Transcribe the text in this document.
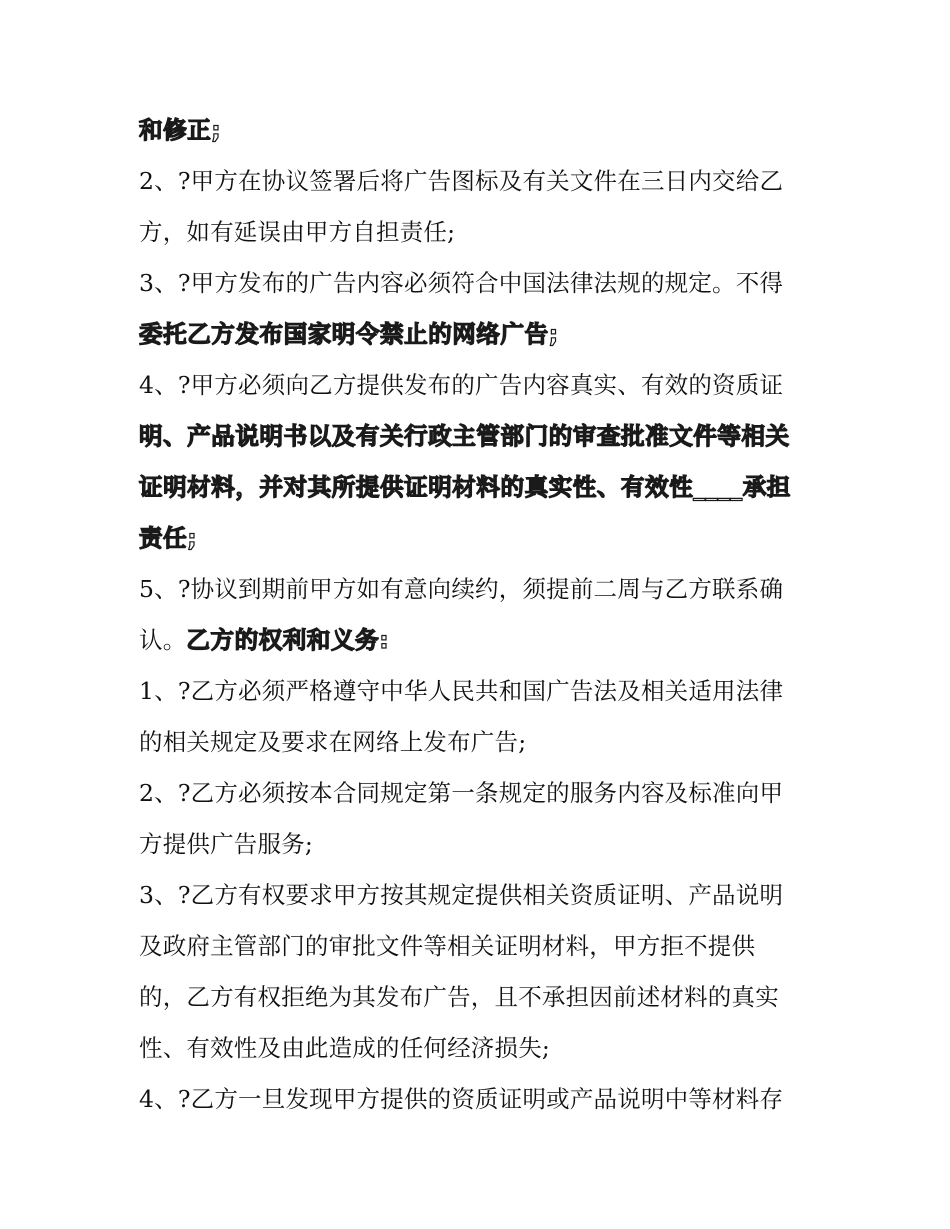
和修正;
2、?甲方在协议签署后将广告图标及有关文件在三日内交给乙
方，如有延误由甲方自担责任;
3、?甲方发布的广告内容必须符合中国法律法规的规定。不得
委托乙方发布国家明令禁止的网络广告;
4、?甲方必须向乙方提供发布的广告内容真实、有效的资质证
明、产品说明书以及有关行政主管部门的审查批准文件等相关
证明材料，并对其所提供证明材料的真实性、有效性____承担
责任;
5、?协议到期前甲方如有意向续约，须提前二周与乙方联系确
认。乙方的权利和义务:
1、?乙方必须严格遵守中华人民共和国广告法及相关适用法律
的相关规定及要求在网络上发布广告;
2、?乙方必须按本合同规定第一条规定的服务内容及标准向甲
方提供广告服务;
3、?乙方有权要求甲方按其规定提供相关资质证明、产品说明
及政府主管部门的审批文件等相关证明材料，甲方拒不提供
的，乙方有权拒绝为其发布广告，且不承担因前述材料的真实
性、有效性及由此造成的任何经济损失;
4、?乙方一旦发现甲方提供的资质证明或产品说明中等材料存
